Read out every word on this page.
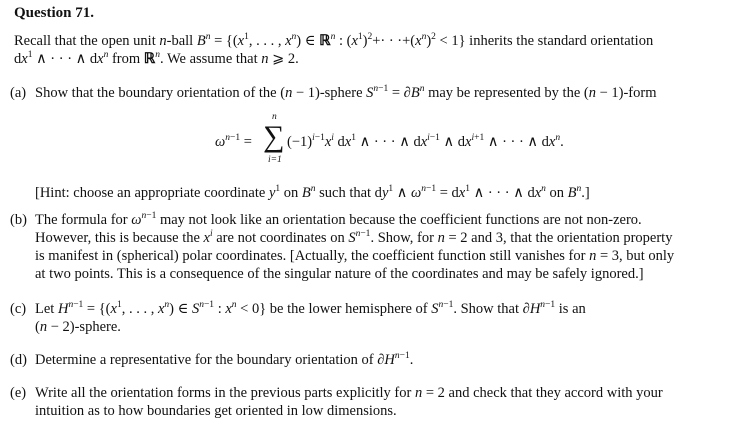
Question 71.
Recall that the open unit n-ball $B^n = \{(x^1$, . . . , $x^n$) ∈ ℝ$^n$ : $(x^1)^2+\cdot \cdot \cdot+(x^n)^2 < 1$} inherits the standard orientation
$dx^1$ ∧ · · · ∧ $dx^n$ from ℝ$^n$. We assume that n ⩾ 2.
(a) Show that the boundary orientation of the (n − 1)-sphere $S^{n-1} = \partial B^n$ may be represented by the (n − 1)-form
$\omega^{n-1}$ =
n
∑
i=1
$(-1)^{i-1}x^i$ $dx^1$ ∧ · · · ∧ $dx^{i-1}$ ∧ $dx^{i+1}$ ∧ · · · ∧ $dx^n$.
[Hint: choose an appropriate coordinate $y^1$ on $B^n$ such that $dy^1$ ∧ $\omega^{n-1} = dx^1$ ∧ · · · ∧ $dx^n$ on $B^n$.]
(b) The formula for $\omega^{n-1}$ may not look like an orientation because the coefficient functions are not non-zero.
However, this is because the $x^i$ are not coordinates on $S^{n-1}$. Show, for n = 2 and 3, that the orientation property
is manifest in (spherical) polar coordinates. [Actually, the coefficient function still vanishes for n = 3, but only
at two points. This is a consequence of the singular nature of the coordinates and may be safely ignored.]
(c) Let $H^{n-1} = \{(x^1$, . . . , $x^n$) ∈ $S^{n-1}$ : $x^n < 0$} be the lower hemisphere of $S^{n-1}$. Show that $\partial H^{n-1}$ is an
(n − 2)-sphere.
(d) Determine a representative for the boundary orientation of $\partial H^{n-1}$.
(e) Write all the orientation forms in the previous parts explicitly for n = 2 and check that they accord with your
intuition as to how boundaries get oriented in low dimensions.
